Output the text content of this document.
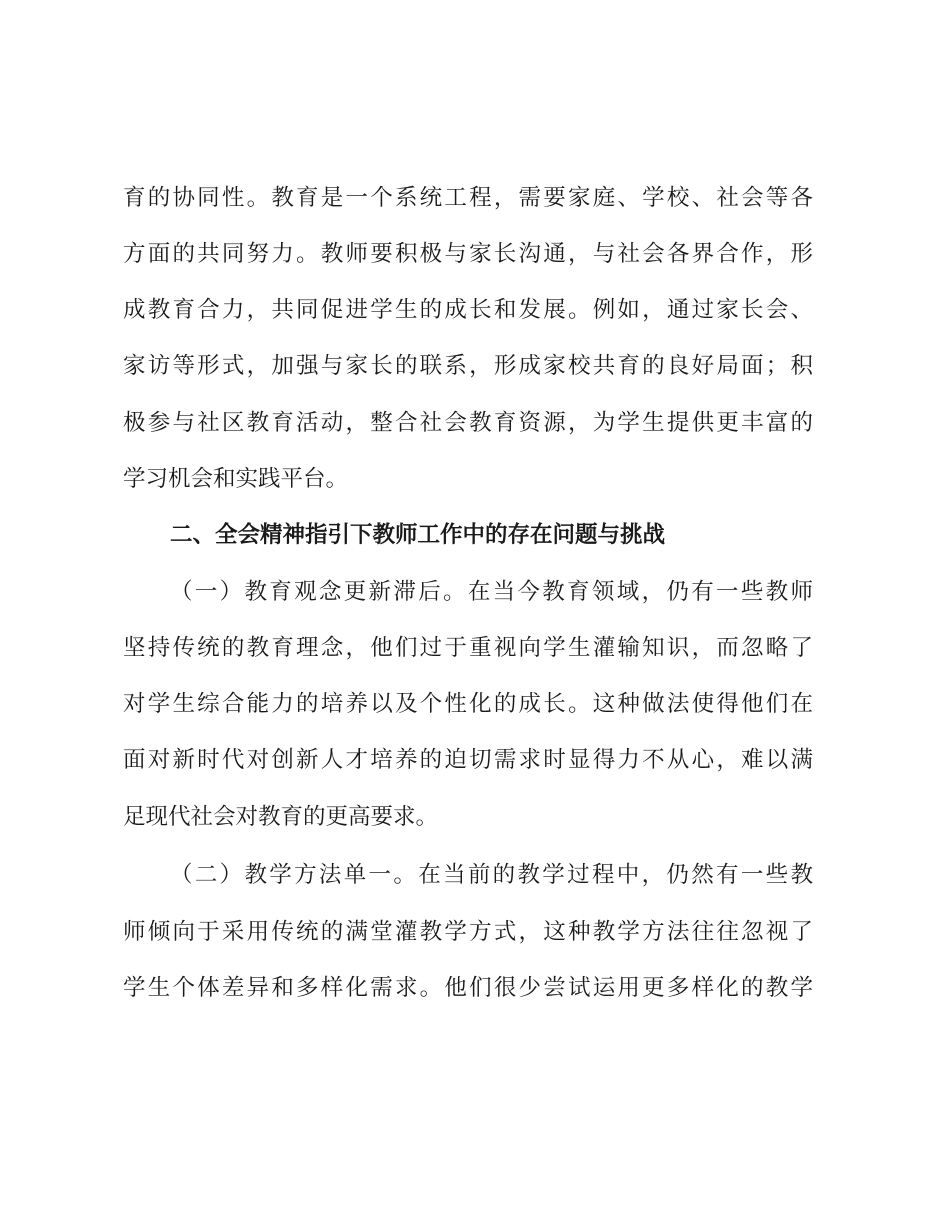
育的协同性。教育是一个系统工程，需要家庭、学校、社会等各
方面的共同努力。教师要积极与家长沟通，与社会各界合作，形
成教育合力，共同促进学生的成长和发展。例如，通过家长会、
家访等形式，加强与家长的联系，形成家校共育的良好局面；积
极参与社区教育活动，整合社会教育资源，为学生提供更丰富的
学习机会和实践平台。
二、全会精神指引下教师工作中的存在问题与挑战
（一）教育观念更新滞后。在当今教育领域，仍有一些教师
坚持传统的教育理念，他们过于重视向学生灌输知识，而忽略了
对学生综合能力的培养以及个性化的成长。这种做法使得他们在
面对新时代对创新人才培养的迫切需求时显得力不从心，难以满
足现代社会对教育的更高要求。
（二）教学方法单一。在当前的教学过程中，仍然有一些教
师倾向于采用传统的满堂灌教学方式，这种教学方法往往忽视了
学生个体差异和多样化需求。他们很少尝试运用更多样化的教学
